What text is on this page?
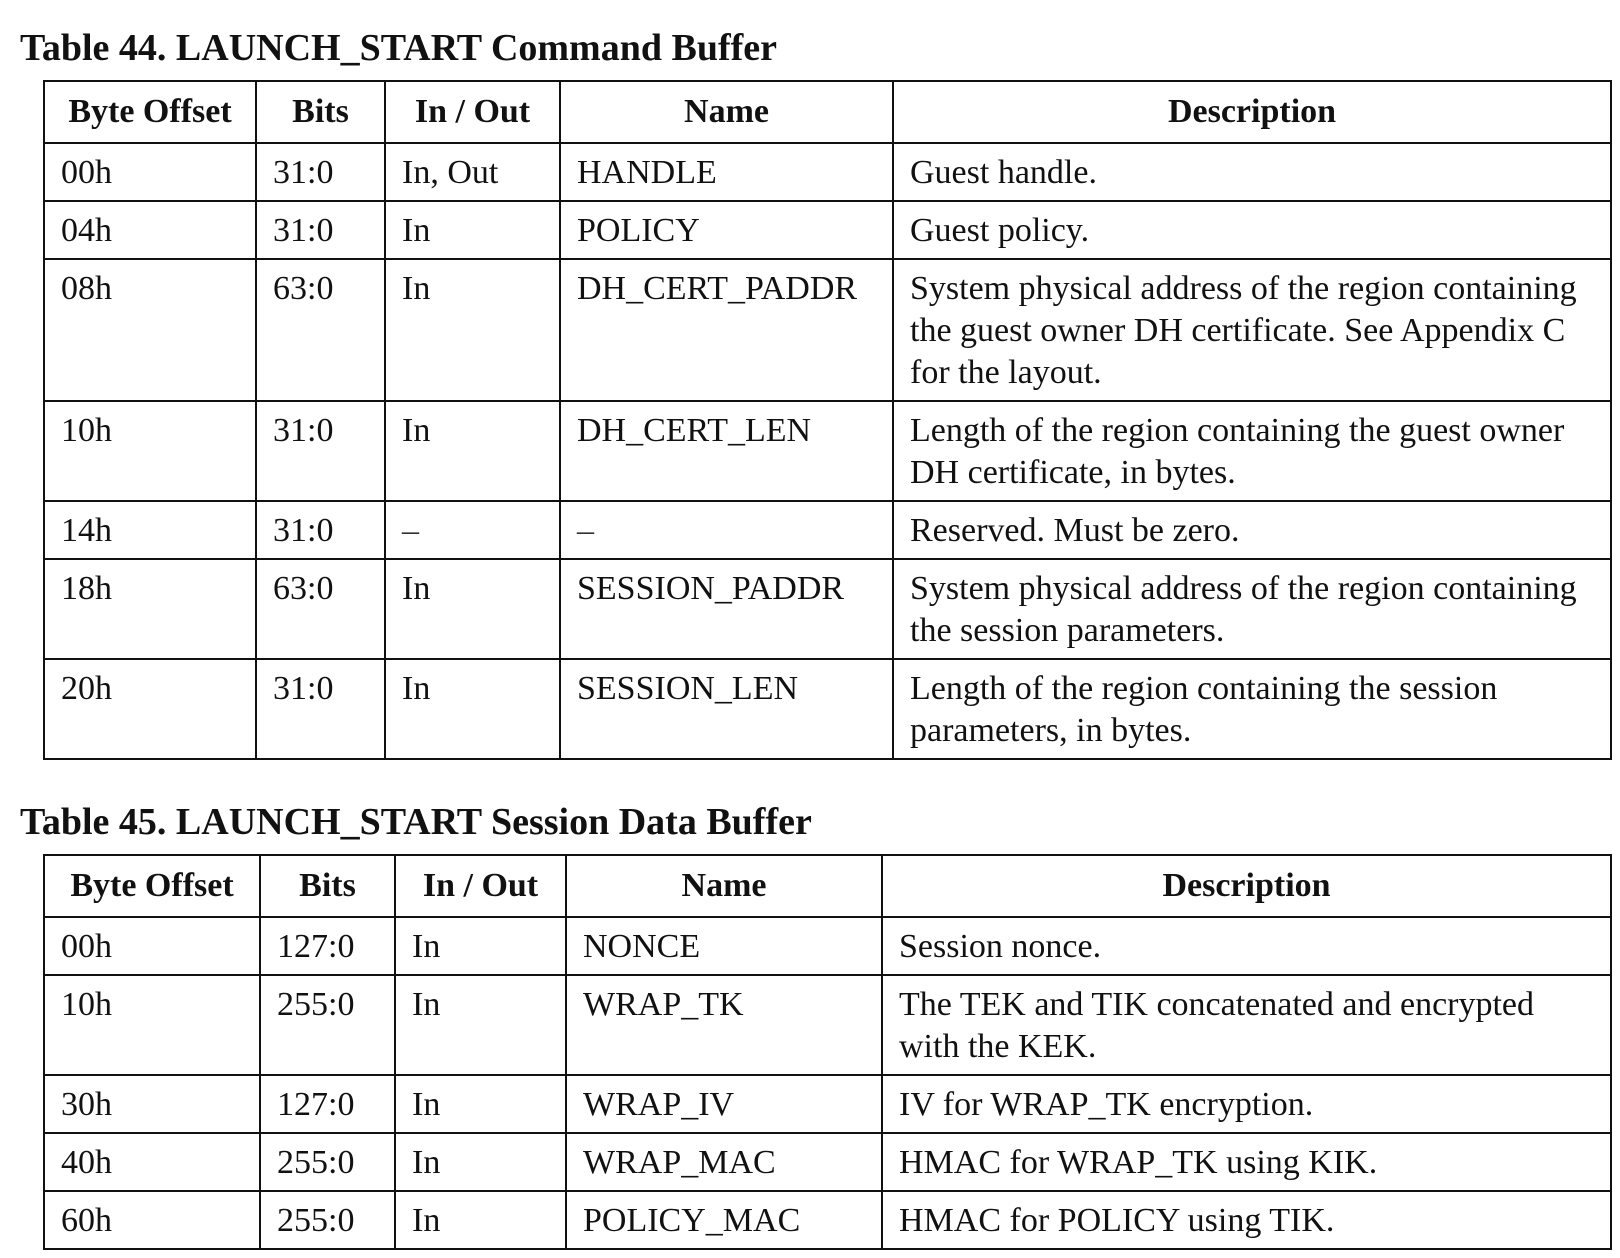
Table 44. LAUNCH_START Command Buffer

Byte Offset	Bits	In / Out	Name	Description
00h	31:0	In, Out	HANDLE	Guest handle.
04h	31:0	In	POLICY	Guest policy.
08h	63:0	In	DH_CERT_PADDR	System physical address of the region containing the guest owner DH certificate. See Appendix C for the layout.
10h	31:0	In	DH_CERT_LEN	Length of the region containing the guest owner DH certificate, in bytes.
14h	31:0	–	–	Reserved. Must be zero.
18h	63:0	In	SESSION_PADDR	System physical address of the region containing the session parameters.
20h	31:0	In	SESSION_LEN	Length of the region containing the session parameters, in bytes.

Table 45. LAUNCH_START Session Data Buffer

Byte Offset	Bits	In / Out	Name	Description
00h	127:0	In	NONCE	Session nonce.
10h	255:0	In	WRAP_TK	The TEK and TIK concatenated and encrypted with the KEK.
30h	127:0	In	WRAP_IV	IV for WRAP_TK encryption.
40h	255:0	In	WRAP_MAC	HMAC for WRAP_TK using KIK.
60h	255:0	In	POLICY_MAC	HMAC for POLICY using TIK.
